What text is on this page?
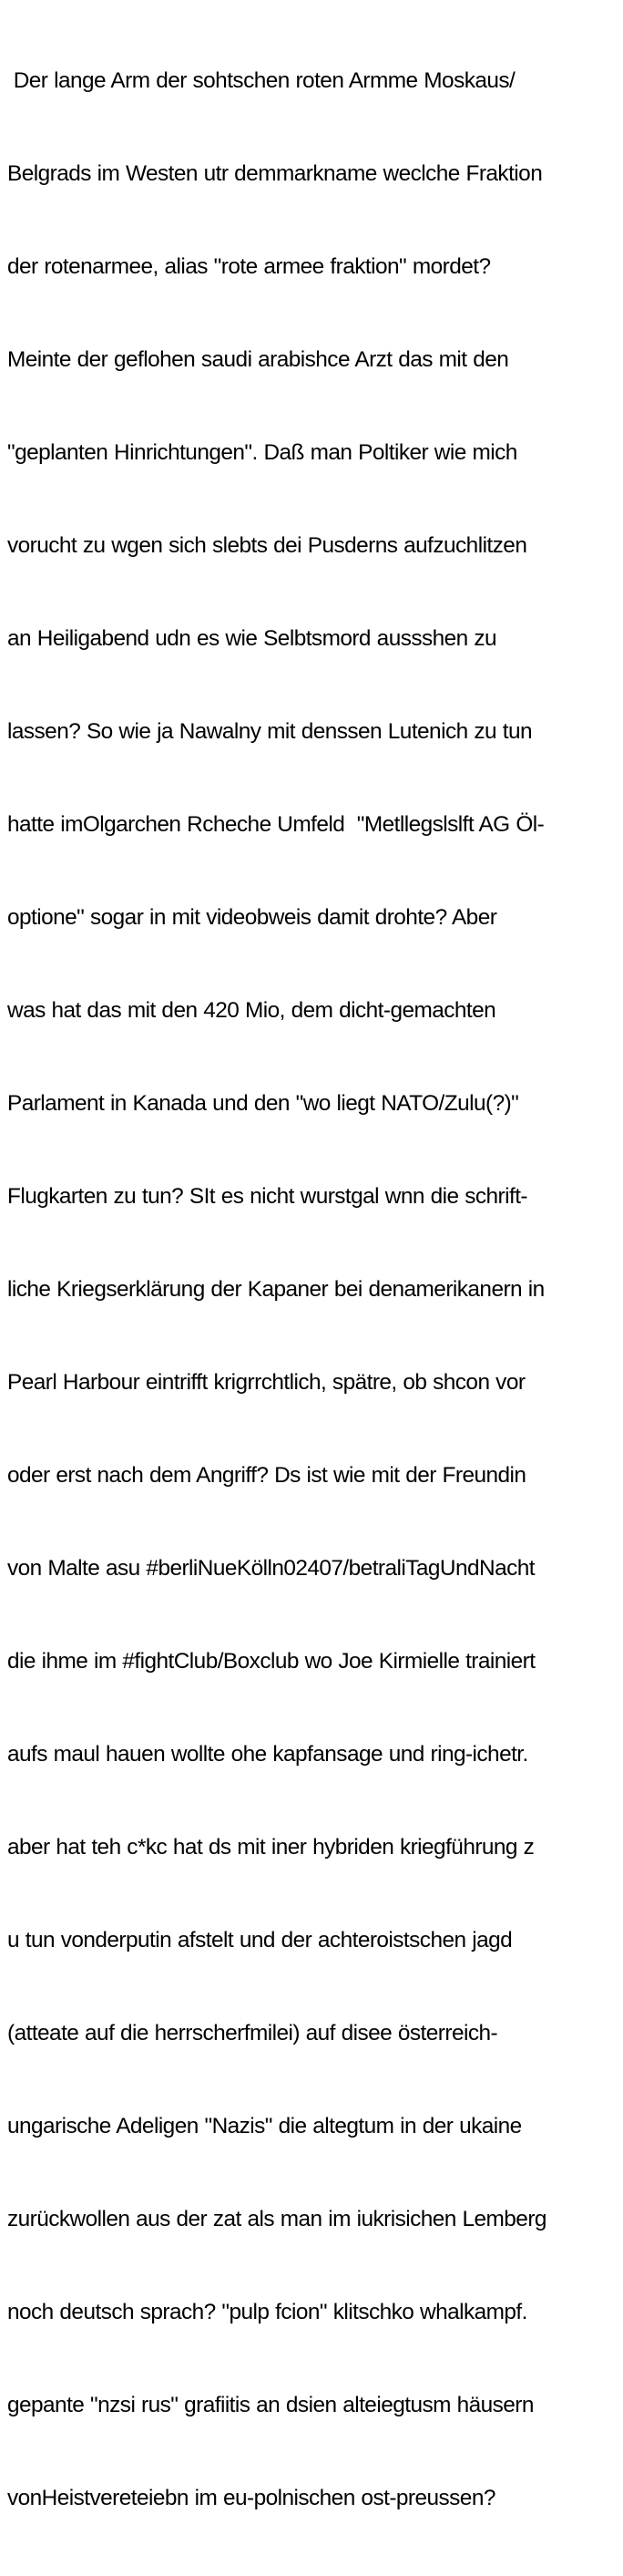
Der lange Arm der sohtschen roten Armme Moskaus/

Belgrads im Westen utr demmarkname weclche Fraktion

der rotenarmee, alias "rote armee fraktion" mordet?

Meinte der geflohen saudi arabishce Arzt das mit den

"geplanten Hinrichtungen". Daß man Poltiker wie mich

vorucht zu wgen sich slebts dei Pusderns aufzuchlitzen

an Heiligabend udn es wie Selbtsmord aussshen zu

lassen? So wie ja Nawalny mit denssen Lutenich zu tun

hatte imOlgarchen Rcheche Umfeld  "Metllegslslft AG Öl-

optione" sogar in mit videobweis damit drohte? Aber

was hat das mit den 420 Mio, dem dicht-gemachten

Parlament in Kanada und den "wo liegt NATO/Zulu(?)"

Flugkarten zu tun? SIt es nicht wurstgal wnn die schrift-

liche Kriegserklärung der Kapaner bei denamerikanern in

Pearl Harbour eintrifft krigrrchtlich, spätre, ob shcon vor

oder erst nach dem Angriff? Ds ist wie mit der Freundin

von Malte asu #berliNueKölln02407/betraliTagUndNacht

die ihme im #fightClub/Boxclub wo Joe Kirmielle trainiert

aufs maul hauen wollte ohe kapfansage und ring-ichetr.

aber hat teh c*kc hat ds mit iner hybriden kriegführung z

u tun vonderputin afstelt und der achteroistschen jagd

(atteate auf die herrscherfmilei) auf disee österreich-

ungarische Adeligen "Nazis" die altegtum in der ukaine

zurückwollen aus der zat als man im iukrisichen Lemberg

noch deutsch sprach? "pulp fcion" klitschko whalkampf.

gepante "nzsi rus" grafiitis an dsien alteiegtusm häusern

vonHeistvereteiebn im eu-polnischen ost-preussen?
